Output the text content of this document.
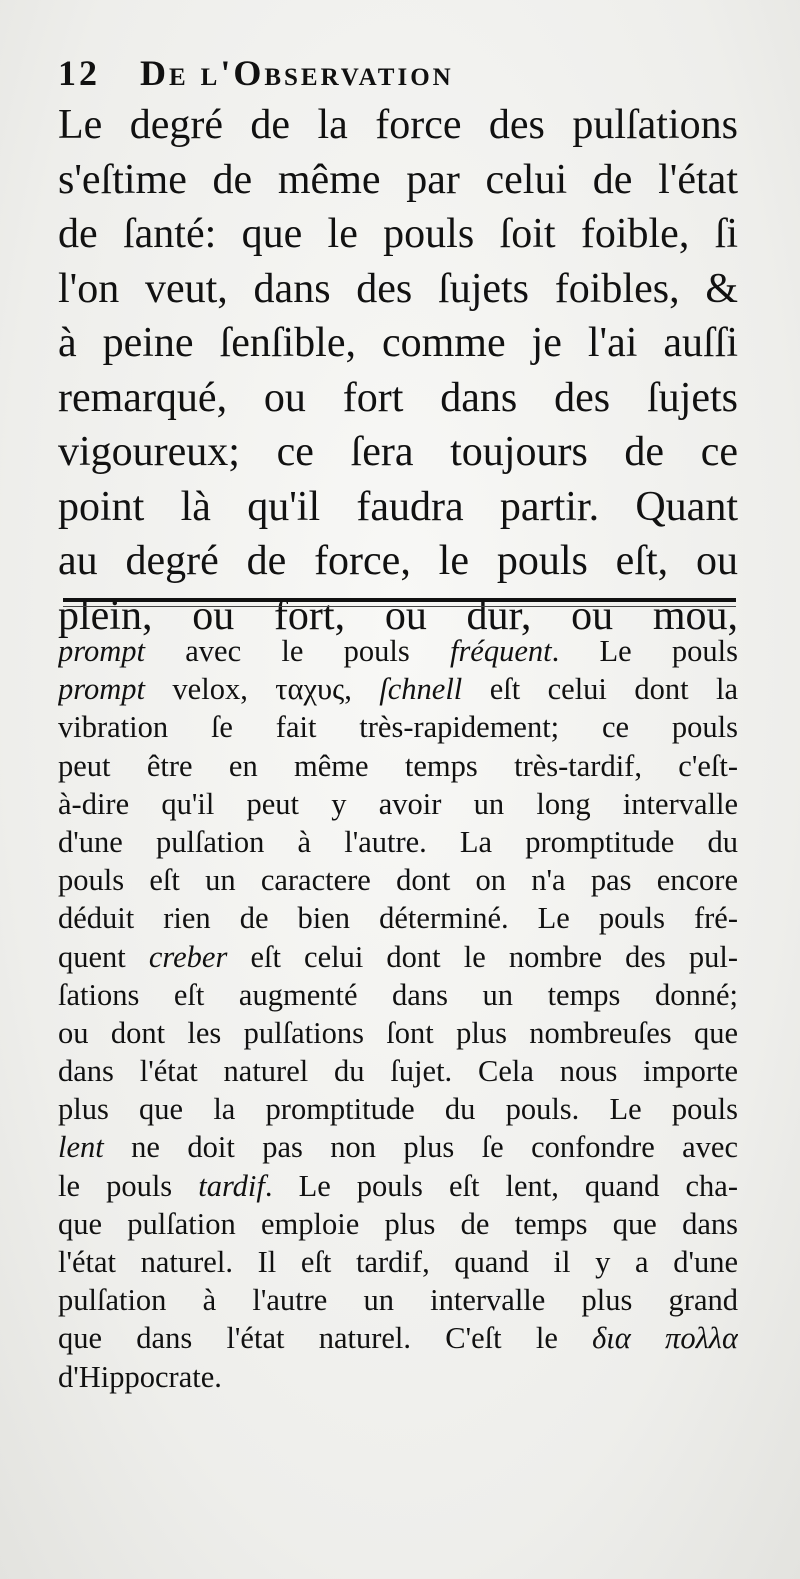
12 De l'Observation
Le degré de la force des pulſations
s'eſtime de même par celui de l'état
de ſanté: que le pouls ſoit foible, ſi
l'on veut, dans des ſujets foibles, &
à peine ſenſible, comme je l'ai auſſi
remarqué, ou fort dans des ſujets
vigoureux; ce ſera toujours de ce
point là qu'il faudra partir. Quant
au degré de force, le pouls eſt, ou
plein, ou fort, ou dur, ou mou,
prompt avec le pouls fréquent. Le pouls
prompt velox, ταχυς, ſchnell eſt celui dont la
vibration ſe fait très-rapidement; ce pouls
peut être en même temps très-tardif, c'eſt-
à-dire qu'il peut y avoir un long intervalle
d'une pulſation à l'autre. La promptitude du
pouls eſt un caractere dont on n'a pas encore
déduit rien de bien déterminé. Le pouls fré-
quent creber eſt celui dont le nombre des pul-
ſations eſt augmenté dans un temps donné;
ou dont les pulſations ſont plus nombreuſes que
dans l'état naturel du ſujet. Cela nous importe
plus que la promptitude du pouls. Le pouls
lent ne doit pas non plus ſe confondre avec
le pouls tardif. Le pouls eſt lent, quand cha-
que pulſation emploie plus de temps que dans
l'état naturel. Il eſt tardif, quand il y a d'une
pulſation à l'autre un intervalle plus grand
que dans l'état naturel. C'eſt le δια πολλα
d'Hippocrate.
